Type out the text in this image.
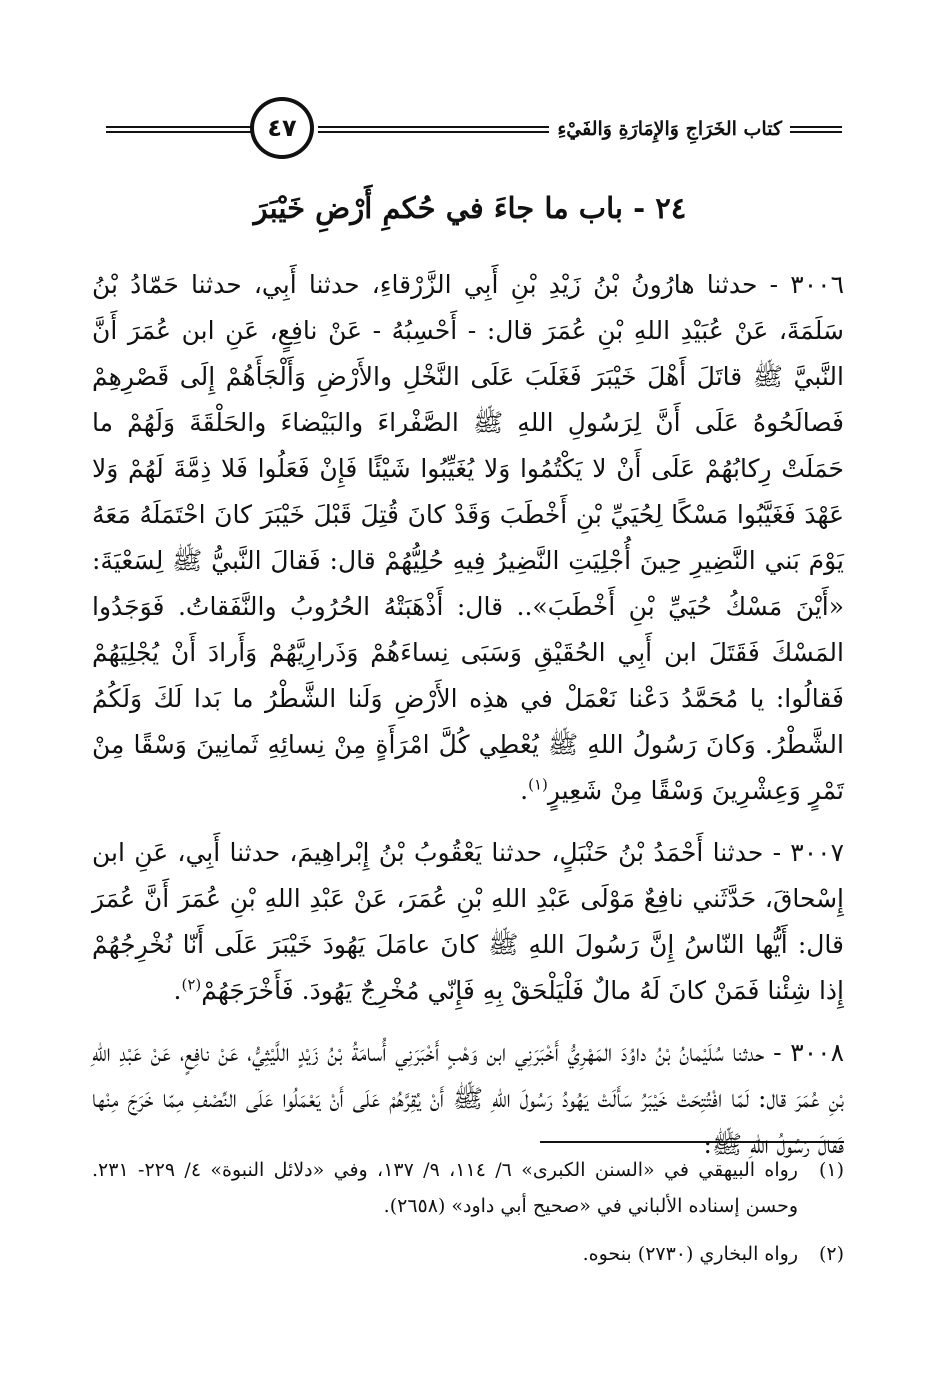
٤٧	كتاب الخَرَاجِ وَالإِمَارَةِ وَالفَيْءِ
٢٤ - باب ما جاءَ في حُكمِ أَرْضِ خَيْبَرَ

٣٠٠٦ - حدثنا هارُونُ بْنُ زَيْدِ بْنِ أَبِي الزَّرْقاءِ، حدثنا أَبِي، حدثنا حَمّادُ بْنُ سَلَمَةَ، عَنْ عُبَيْدِ اللهِ بْنِ عُمَرَ قال: - أَحْسِبُهُ - عَنْ نافِعٍ، عَنِ ابن عُمَرَ أَنَّ النَّبيَّ ﷺ قاتَلَ أَهْلَ خَيْبَرَ فَغَلَبَ عَلَى النَّخْلِ والأَرْضِ وَأَلْجَأَهُمْ إِلَى قَصْرِهِمْ فَصالَحُوهُ عَلَى أَنَّ لِرَسُولِ اللهِ ﷺ الصَّفْراءَ والبَيْضاءَ والحَلْقَةَ وَلَهُمْ ما حَمَلَتْ رِكابُهُمْ عَلَى أَنْ لا يَكْتُمُوا وَلا يُغَيِّبُوا شَيْئًا فَإِنْ فَعَلُوا فَلا ذِمَّةَ لَهُمْ وَلا عَهْدَ فَغَيَّبُوا مَسْكًا لِحُيَيِّ بْنِ أَخْطَبَ وَقَدْ كانَ قُتِلَ قَبْلَ خَيْبَرَ كانَ احْتَمَلَهُ مَعَهُ يَوْمَ بَني النَّضِيرِ حِينَ أُجْلِيَتِ النَّضِيرُ فِيهِ حُلِيُّهُمْ قال: فَقالَ النَّبيُّ ﷺ لِسَعْيَةَ: «أَيْنَ مَسْكُ حُيَيِّ بْنِ أَخْطَبَ».. قال: أَذْهَبَتْهُ الحُرُوبُ والنَّفَقاتُ. فَوَجَدُوا المَسْكَ فَقَتَلَ ابن أَبِي الحُقَيْقِ وَسَبَى نِساءَهُمْ وَذَرارِيَّهُمْ وَأَرادَ أَنْ يُجْلِيَهُمْ فَقالُوا: يا مُحَمَّدُ دَعْنا نَعْمَلْ في هذِه الأَرْضِ وَلَنا الشَّطْرُ ما بَدا لَكَ وَلَكُمُ الشَّطْرُ. وَكانَ رَسُولُ اللهِ ﷺ يُعْطِي كُلَّ امْرَأَةٍ مِنْ نِسائِهِ ثَمانِينَ وَسْقًا مِنْ تَمْرٍ وَعِشْرِينَ وَسْقًا مِنْ شَعِيرٍ$^{(١)}$.

٣٠٠٧ - حدثنا أَحْمَدُ بْنُ حَنْبَلٍ، حدثنا يَعْقُوبُ بْنُ إِبْراهِيمَ، حدثنا أَبِي، عَنِ ابن إِسْحاقَ، حَدَّثَني نافِعٌ مَوْلَى عَبْدِ اللهِ بْنِ عُمَرَ، عَنْ عَبْدِ اللهِ بْنِ عُمَرَ أَنَّ عُمَرَ قال: أَيُّها النّاسُ إِنَّ رَسُولَ اللهِ ﷺ كانَ عامَلَ يَهُودَ خَيْبَرَ عَلَى أَنّا نُخْرِجُهُمْ إِذا شِئْنا فَمَنْ كانَ لَهُ مالٌ فَلْيَلْحَقْ بِهِ فَإِنّي مُخْرِجٌ يَهُودَ. فَأَخْرَجَهُمْ$^{(٢)}$.

٣٠٠٨ - حدثنا سُلَيْمانُ بْنُ داوُدَ المَهْرِيُّ أَخْبَرَنِي ابن وَهْبٍ أَخْبَرَنِي أُسامَةُ بْنُ زَيْدٍ اللَّيْثِيُّ، عَنْ نافِعٍ، عَنْ عَبْدِ اللهِ بْنِ عُمَرَ قال: لَمّا افْتُتِحَتْ خَيْبَرُ سَأَلَتْ يَهُودُ رَسُولَ اللهِ ﷺ أَنْ يُقِرَّهُمْ عَلَى أَنْ يَعْمَلُوا عَلَى النِّصْفِ مِمّا خَرَجَ مِنْها فَقالَ رَسُولُ اللهِ ﷺ:

(١)
رواه البيهقي في «السنن الكبرى» ٦/ ١١٤، ٩/ ١٣٧، وفي «دلائل النبوة» ٤/ ٢٢٩- ٢٣١. وحسن إسناده الألباني في «صحيح أبي داود» (٢٦٥٨).
(٢)
رواه البخاري (٢٧٣٠) بنحوه.
